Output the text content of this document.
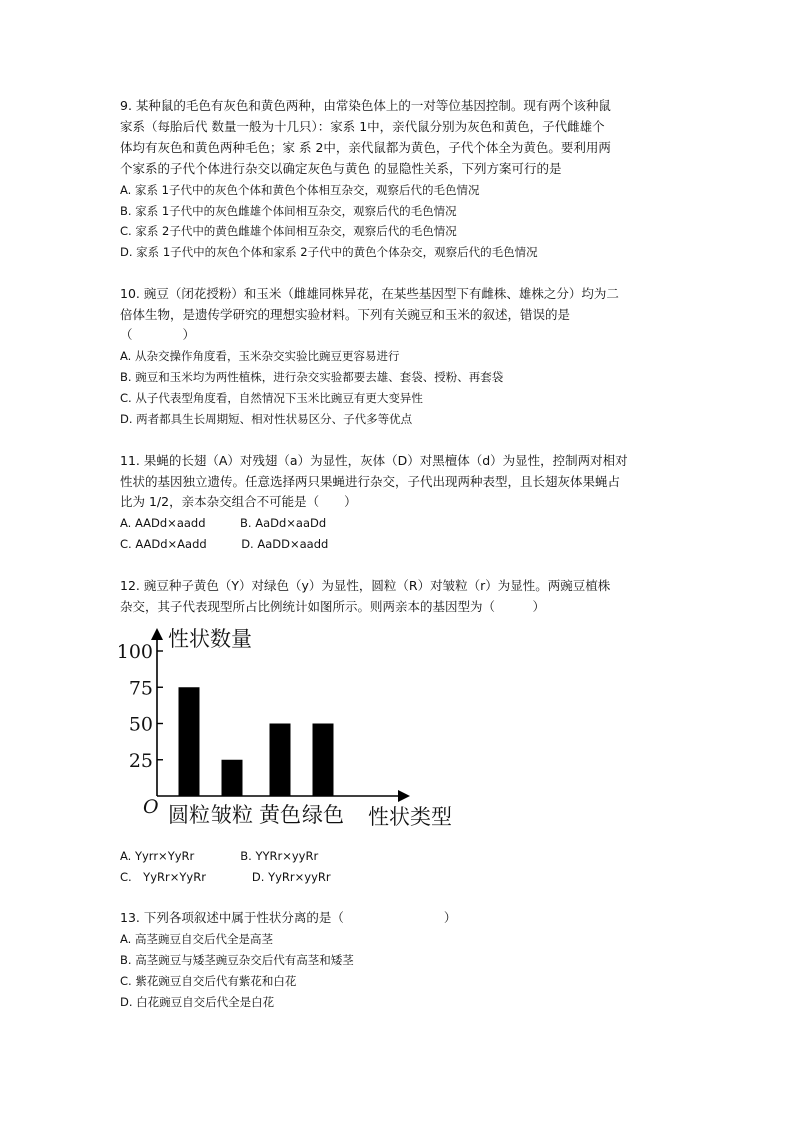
9. 某种鼠的毛色有灰色和黄色两种，由常染色体上的一对等位基因控制。现有两个该种鼠
家系（每胎后代 数量一般为十几只）：家系 1中，亲代鼠分别为灰色和黄色，子代雌雄个
体均有灰色和黄色两种毛色；家 系 2中，亲代鼠都为黄色，子代个体全为黄色。要利用两
个家系的子代个体进行杂交以确定灰色与黄色 的显隐性关系，下列方案可行的是
A. 家系 1子代中的灰色个体和黄色个体相互杂交，观察后代的毛色情况
B. 家系 1子代中的灰色雌雄个体间相互杂交，观察后代的毛色情况
C. 家系 2子代中的黄色雌雄个体间相互杂交，观察后代的毛色情况
D. 家系 1子代中的灰色个体和家系 2子代中的黄色个体杂交，观察后代的毛色情况
10. 豌豆（闭花授粉）和玉米（雌雄同株异花，在某些基因型下有雌株、雄株之分）均为二
倍体生物，是遗传学研究的理想实验材料。下列有关豌豆和玉米的叙述，错误的是
（　　　　）
A. 从杂交操作角度看，玉米杂交实验比豌豆更容易进行
B. 豌豆和玉米均为两性植株，进行杂交实验都要去雄、套袋、授粉、再套袋
C. 从子代表型角度看，自然情况下玉米比豌豆有更大变异性
D. 两者都具生长周期短、相对性状易区分、子代多等优点
11. 果蝇的长翅（A）对残翅（a）为显性，灰体（D）对黑檀体（d）为显性，控制两对相对
性状的基因独立遗传。任意选择两只果蝇进行杂交，子代出现两种表型，且长翅灰体果蝇占
比为 1/2，亲本杂交组合不可能是（　　）
A. AADd×aadd　　　B. AaDd×aaDd
C. AADd×Aadd　　　D. AaDD×aadd
12. 豌豆种子黄色（Y）对绿色（y）为显性，圆粒（R）对皱粒（r）为显性。两豌豆植株
杂交，其子代表现型所占比例统计如图所示。则两亲本的基因型为（　　　）
性状数量
性状类型
O
25
50
75
100
圆粒 皱粒 黄色 绿色
A. Yyrr×YyRr　　　　B. YYRr×yyRr
C.　YyRr×YyRr　　　　D. YyRr×yyRr
13. 下列各项叙述中属于性状分离的是（　　　　　　　　）
A. 高茎豌豆自交后代全是高茎
B. 高茎豌豆与矮茎豌豆杂交后代有高茎和矮茎
C. 紫花豌豆自交后代有紫花和白花
D. 白花豌豆自交后代全是白花
